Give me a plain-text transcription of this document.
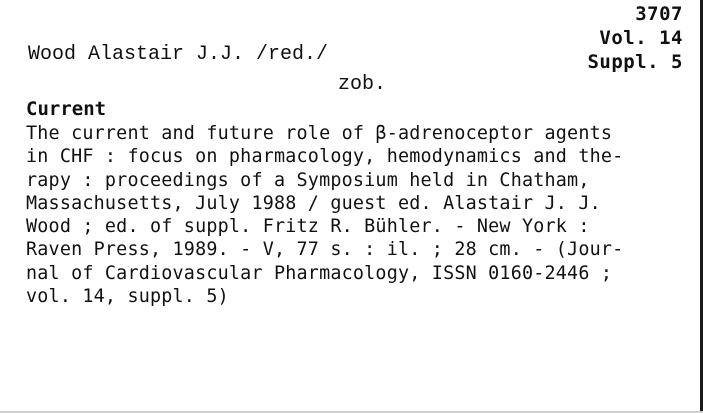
3707
Vol. 14
Suppl. 5
Wood Alastair J.J. /red./
zob.
Current
The current and future role of β-adrenoceptor agents
in CHF : focus on pharmacology, hemodynamics and the-
rapy : proceedings of a Symposium held in Chatham,
Massachusetts, July 1988 / guest ed. Alastair J. J.
Wood ; ed. of suppl. Fritz R. Bühler. - New York :
Raven Press, 1989. - V, 77 s. : il. ; 28 cm. - (Jour-
nal of Cardiovascular Pharmacology, ISSN 0160-2446 ;
vol. 14, suppl. 5)
